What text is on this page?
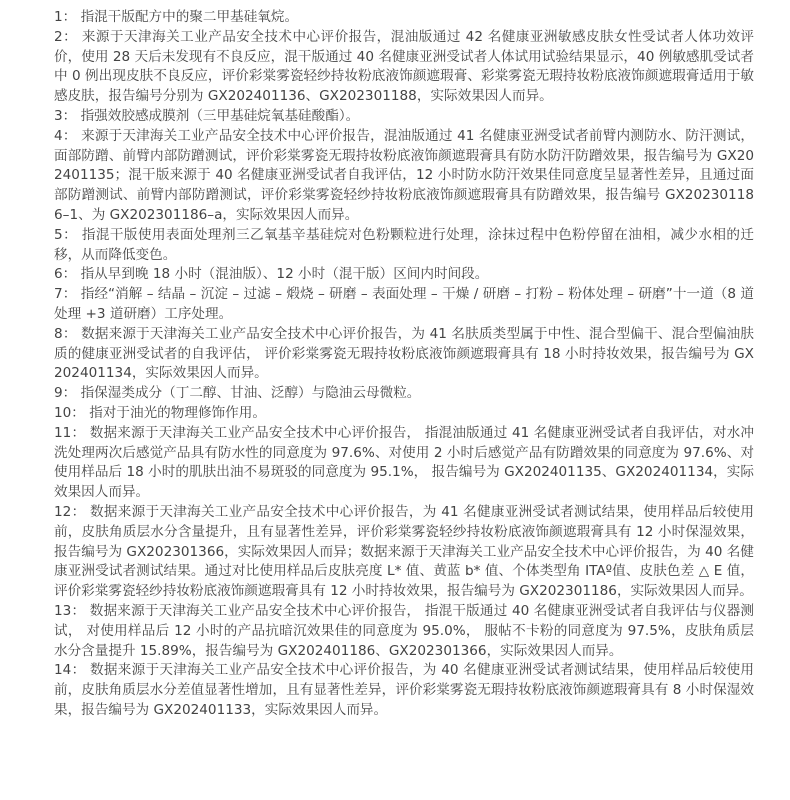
1： 指混干版配方中的聚二甲基硅氧烷。

2： 来源于天津海关工业产品安全技术中心评价报告，混油版通过 42 名健康亚洲敏感皮肤女性受试者人体功效评价，使用 28 天后未发现有不良反应，混干版通过 40 名健康亚洲受试者人体试用试验结果显示，40 例敏感肌受试者中 0 例出现皮肤不良反应，评价彩棠雾瓷轻纱持妆粉底液饰颜遮瑕膏、彩棠雾瓷无瑕持妆粉底液饰颜遮瑕膏适用于敏感皮肤，报告编号分别为 GX202401136、GX202301188，实际效果因人而异。

3： 指强效胶感成膜剂（三甲基硅烷氧基硅酸酯）。

4： 来源于天津海关工业产品安全技术中心评价报告，混油版通过 41 名健康亚洲受试者前臂内测防水、防汗测试，面部防蹭、前臂内部防蹭测试，评价彩棠雾瓷无瑕持妆粉底液饰颜遮瑕膏具有防水防汗防蹭效果，报告编号为 GX202401135；混干版来源于 40 名健康亚洲受试者自我评估，12 小时防水防汗效果佳同意度呈显著性差异，且通过面部防蹭测试、前臂内部防蹭测试，评价彩棠雾瓷轻纱持妆粉底液饰颜遮瑕膏具有防蹭效果，报告编号 GX202301186–1、为 GX202301186–a，实际效果因人而异。

5： 指混干版使用表面处理剂三乙氧基辛基硅烷对色粉颗粒进行处理，涂抹过程中色粉停留在油相，减少水相的迁移，从而降低变色。

6： 指从早到晚 18 小时（混油版）、12 小时（混干版）区间内时间段。

7： 指经“消解 – 结晶 – 沉淀 – 过滤 – 煅烧 – 研磨 – 表面处理 – 干燥 / 研磨 – 打粉 – 粉体处理 – 研磨”十一道（8 道处理 +3 道研磨）工序处理。

8： 数据来源于天津海关工业产品安全技术中心评价报告，为 41 名肤质类型属于中性、混合型偏干、混合型偏油肤质的健康亚洲受试者的自我评估， 评价彩棠雾瓷无瑕持妆粉底液饰颜遮瑕膏具有 18 小时持妆效果，报告编号为 GX202401134，实际效果因人而异。

9： 指保湿类成分（丁二醇、甘油、泛醇）与隐油云母微粒。

10： 指对于油光的物理修饰作用。

11： 数据来源于天津海关工业产品安全技术中心评价报告， 指混油版通过 41 名健康亚洲受试者自我评估，对水冲洗处理两次后感觉产品具有防水性的同意度为 97.6%、对使用 2 小时后感觉产品有防蹭效果的同意度为 97.6%、对使用样品后 18 小时的肌肤出油不易斑驳的同意度为 95.1%， 报告编号为 GX202401135、GX202401134，实际效果因人而异。

12： 数据来源于天津海关工业产品安全技术中心评价报告，为 41 名健康亚洲受试者测试结果，使用样品后较使用前，皮肤角质层水分含量提升，且有显著性差异，评价彩棠雾瓷轻纱持妆粉底液饰颜遮瑕膏具有 12 小时保湿效果，报告编号为 GX202301366，实际效果因人而异；数据来源于天津海关工业产品安全技术中心评价报告，为 40 名健康亚洲受试者测试结果。通过对比使用样品后皮肤亮度 L* 值、黄蓝 b* 值、个体类型角 ITAº值、皮肤色差 △ E 值，评价彩棠雾瓷轻纱持妆粉底液饰颜遮瑕膏具有 12 小时持妆效果，报告编号为 GX202301186，实际效果因人而异。

13： 数据来源于天津海关工业产品安全技术中心评价报告， 指混干版通过 40 名健康亚洲受试者自我评估与仪器测试， 对使用样品后 12 小时的产品抗暗沉效果佳的同意度为 95.0%， 服帖不卡粉的同意度为 97.5%，皮肤角质层水分含量提升 15.89%，报告编号为 GX202401186、GX202301366，实际效果因人而异。

14： 数据来源于天津海关工业产品安全技术中心评价报告，为 40 名健康亚洲受试者测试结果，使用样品后较使用前，皮肤角质层水分差值显著性增加，且有显著性差异，评价彩棠雾瓷无瑕持妆粉底液饰颜遮瑕膏具有 8 小时保湿效果，报告编号为 GX202401133，实际效果因人而异。
